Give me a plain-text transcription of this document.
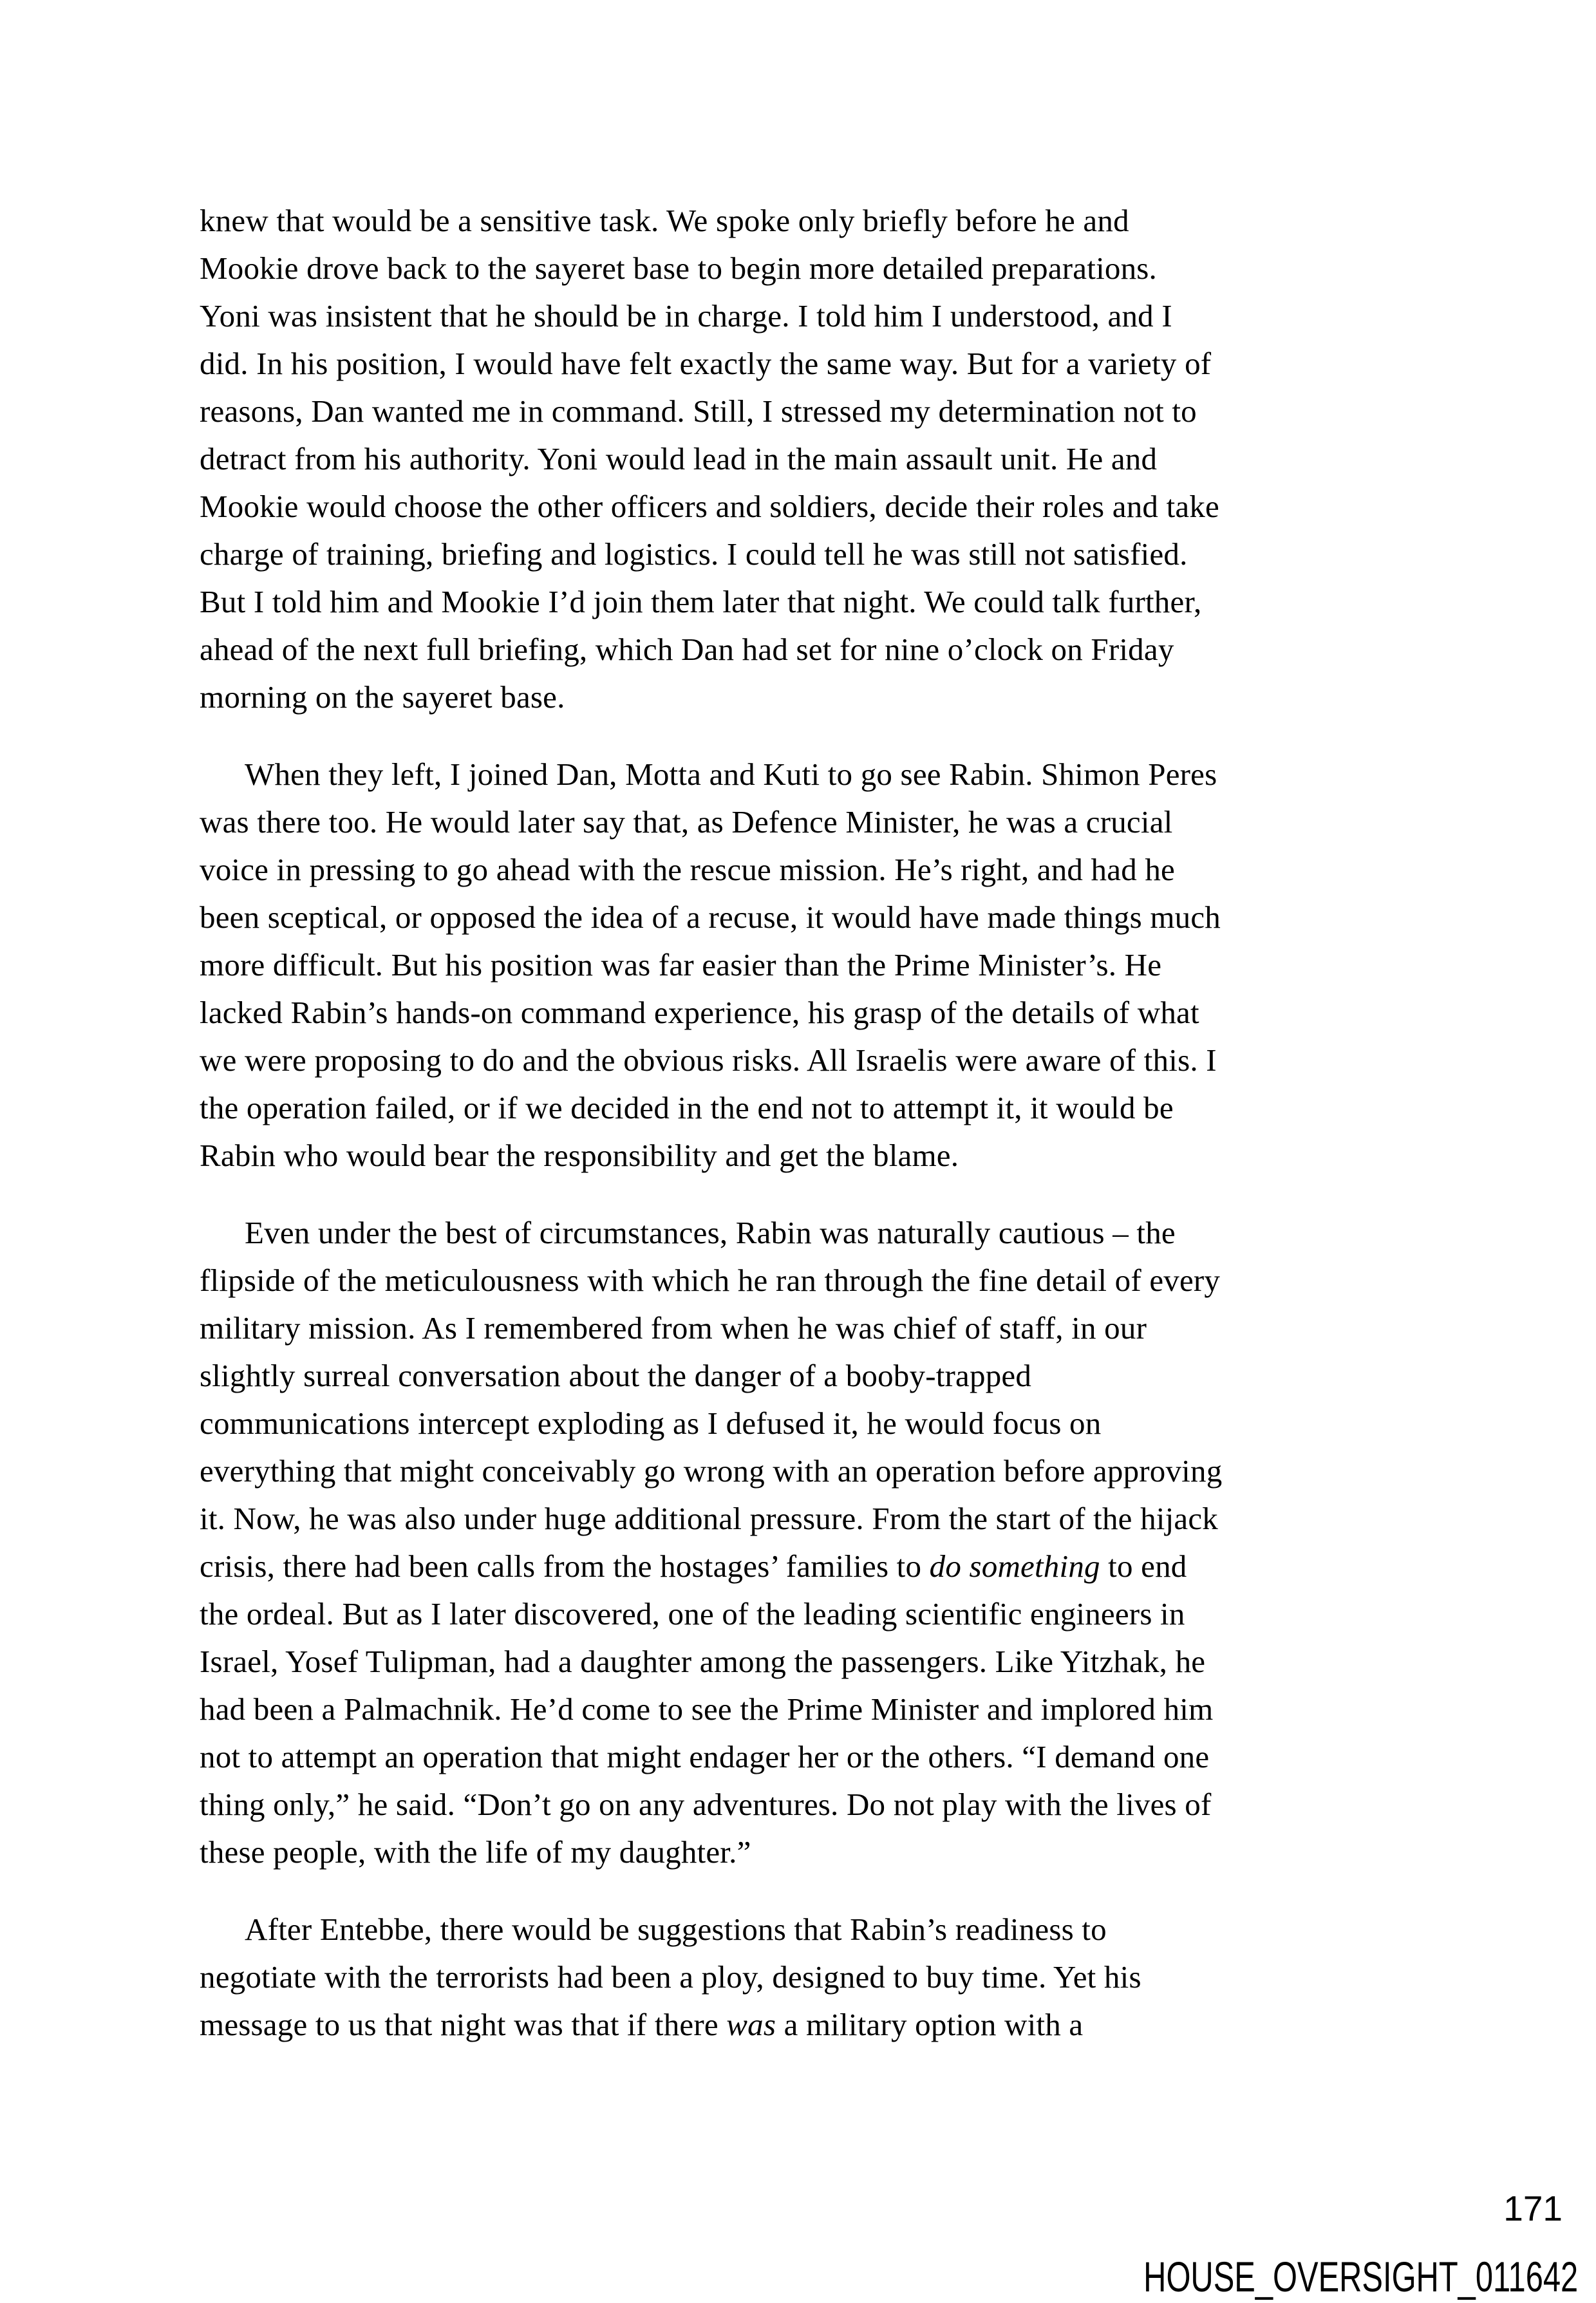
knew that would be a sensitive task. We spoke only briefly before he and
Mookie drove back to the sayeret base to begin more detailed preparations.
Yoni was insistent that he should be in charge. I told him I understood, and I
did. In his position, I would have felt exactly the same way. But for a variety of
reasons, Dan wanted me in command. Still, I stressed my determination not to
detract from his authority. Yoni would lead in the main assault unit. He and
Mookie would choose the other officers and soldiers, decide their roles and take
charge of training, briefing and logistics. I could tell he was still not satisfied.
But I told him and Mookie I’d join them later that night. We could talk further,
ahead of the next full briefing, which Dan had set for nine o’clock on Friday
morning on the sayeret base.
When they left, I joined Dan, Motta and Kuti to go see Rabin. Shimon Peres
was there too. He would later say that, as Defence Minister, he was a crucial
voice in pressing to go ahead with the rescue mission. He’s right, and had he
been sceptical, or opposed the idea of a recuse, it would have made things much
more difficult. But his position was far easier than the Prime Minister’s. He
lacked Rabin’s hands-on command experience, his grasp of the details of what
we were proposing to do and the obvious risks. All Israelis were aware of this. I
the operation failed, or if we decided in the end not to attempt it, it would be
Rabin who would bear the responsibility and get the blame.
Even under the best of circumstances, Rabin was naturally cautious – the
flipside of the meticulousness with which he ran through the fine detail of every
military mission. As I remembered from when he was chief of staff, in our
slightly surreal conversation about the danger of a booby-trapped
communications intercept exploding as I defused it, he would focus on
everything that might conceivably go wrong with an operation before approving
it. Now, he was also under huge additional pressure. From the start of the hijack
crisis, there had been calls from the hostages’ families to do something to end
the ordeal. But as I later discovered, one of the leading scientific engineers in
Israel, Yosef Tulipman, had a daughter among the passengers. Like Yitzhak, he
had been a Palmachnik. He’d come to see the Prime Minister and implored him
not to attempt an operation that might endager her or the others. “I demand one
thing only,” he said. “Don’t go on any adventures. Do not play with the lives of
these people, with the life of my daughter.”
After Entebbe, there would be suggestions that Rabin’s readiness to
negotiate with the terrorists had been a ploy, designed to buy time. Yet his
message to us that night was that if there was a military option with a
171
HOUSE_OVERSIGHT_011642
